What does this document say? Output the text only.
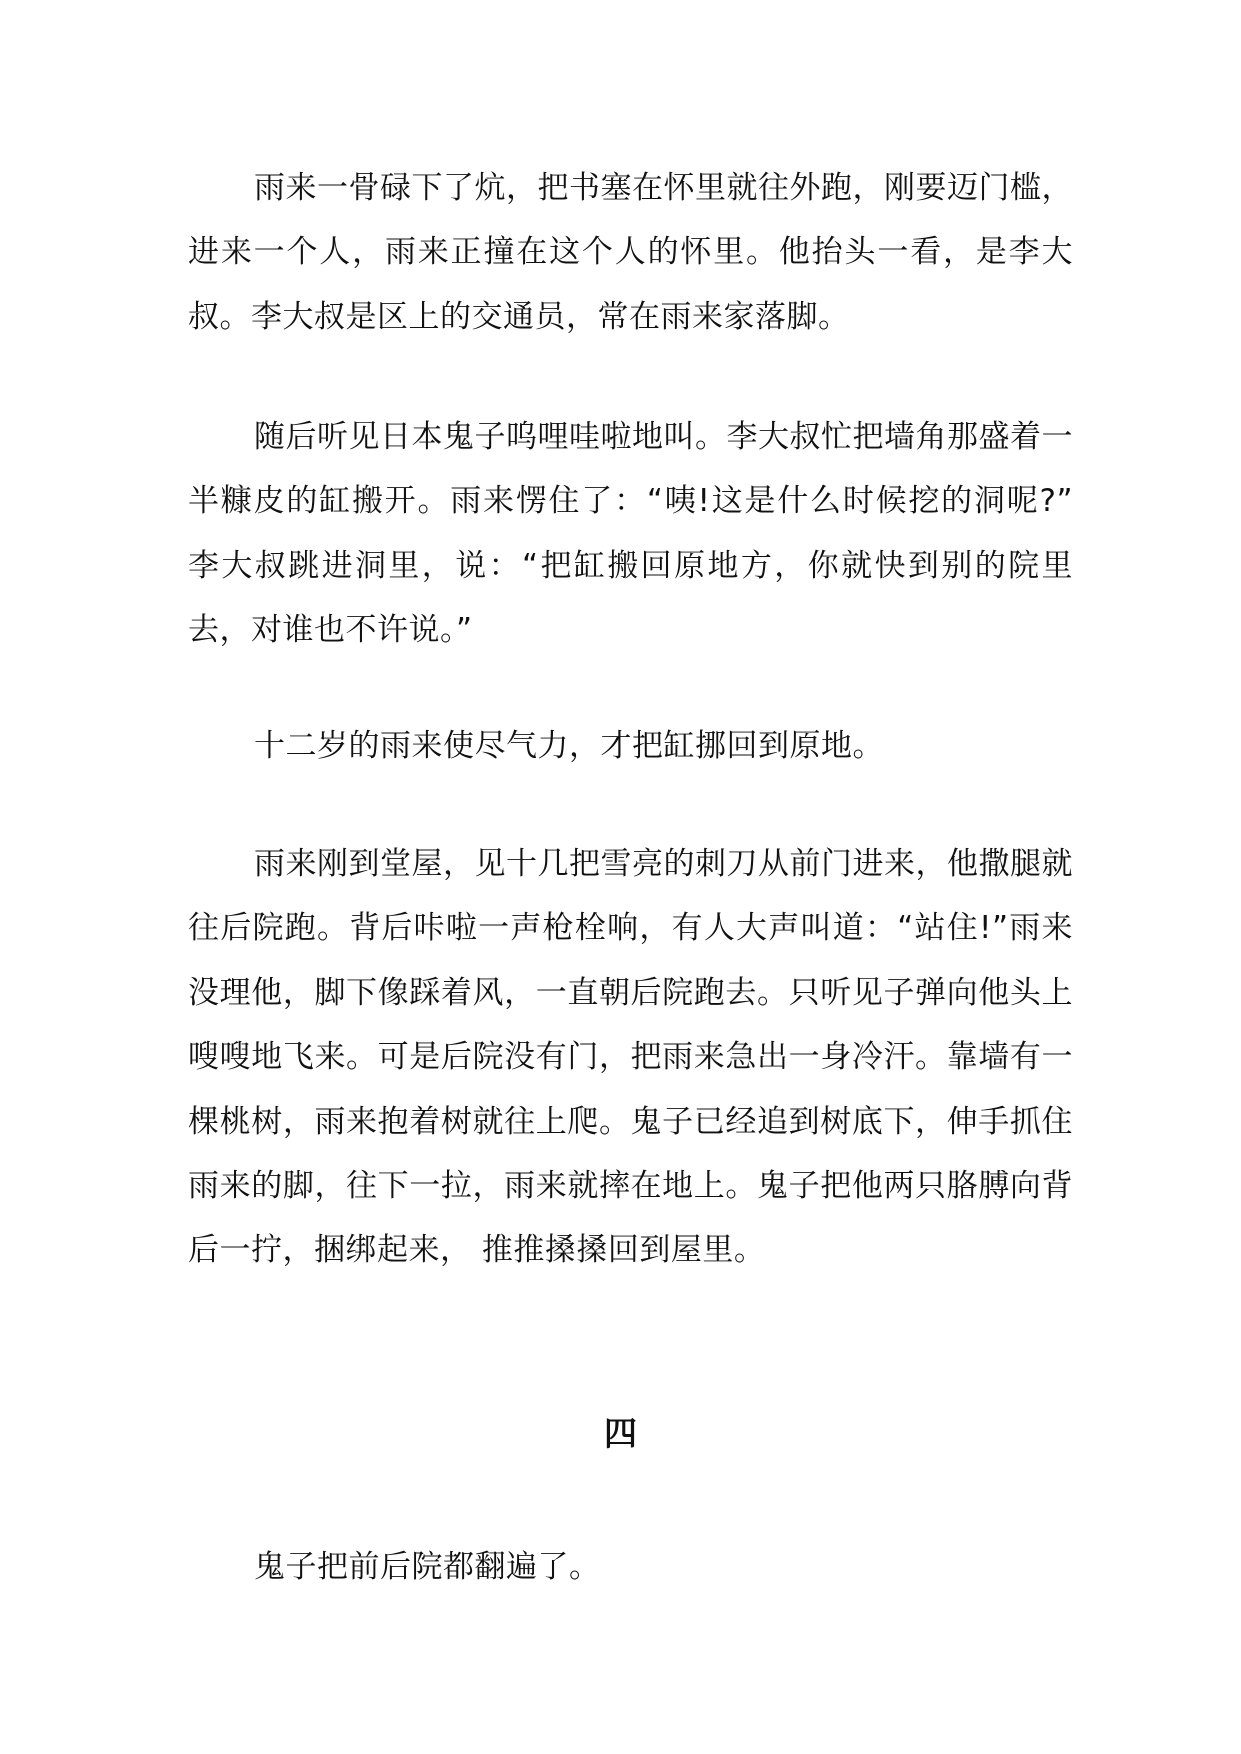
雨来一骨碌下了炕，把书塞在怀里就往外跑，刚要迈门槛，进来一个人，雨来正撞在这个人的怀里。他抬头一看，是李大叔。李大叔是区上的交通员，常在雨来家落脚。

随后听见日本鬼子呜哩哇啦地叫。李大叔忙把墙角那盛着一半糠皮的缸搬开。雨来愣住了：“咦!这是什么时候挖的洞呢?” 李大叔跳进洞里，说：“把缸搬回原地方，你就快到别的院里去，对谁也不许说。”

十二岁的雨来使尽气力，才把缸挪回到原地。

雨来刚到堂屋，见十几把雪亮的刺刀从前门进来，他撒腿就往后院跑。背后咔啦一声枪栓响，有人大声叫道：“站住!”雨来没理他，脚下像踩着风，一直朝后院跑去。只听见子弹向他头上嗖嗖地飞来。可是后院没有门，把雨来急出一身冷汗。靠墙有一棵桃树，雨来抱着树就往上爬。鬼子已经追到树底下，伸手抓住雨来的脚，往下一拉，雨来就摔在地上。鬼子把他两只胳膊向背后一拧，捆绑起来， 推推搡搡回到屋里。

四

鬼子把前后院都翻遍了。
